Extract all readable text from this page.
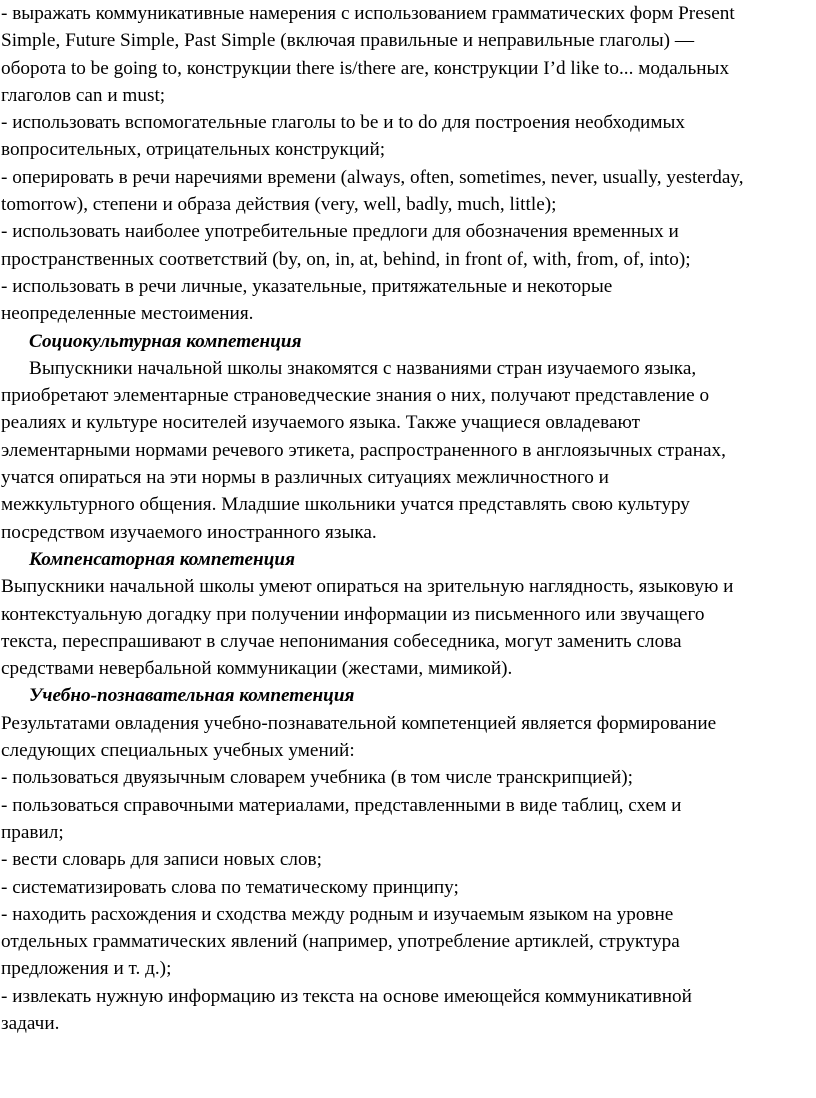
- выражать коммуникативные намерения с использованием грамматических форм Present
Simple, Future Simple, Past Simple (включая правильные и неправильные глаголы) —
оборота to be going to, конструкции there is/there are, конструкции I’d like to... модальных
глаголов can и must;
- использовать вспомогательные глаголы to be и to do для построения необходимых
вопросительных, отрицательных конструкций;
- оперировать в речи наречиями времени (always, often, sometimes, never, usually, yesterday,
tomorrow), степени и образа действия (very, well, badly, much, little);
- использовать наиболее употребительные предлоги для обозначения временных и
пространственных соответствий (by, on, in, at, behind, in front of, with, from, of, into);
- использовать в речи личные, указательные, притяжательные и некоторые
неопределенные местоимения.
Социокультурная компетенция
Выпускники начальной школы знакомятся с названиями стран изучаемого языка,
приобретают элементарные страноведческие знания о них, получают представление о
реалиях и культуре носителей изучаемого языка. Также учащиеся овладевают
элементарными нормами речевого этикета, распространенного в англоязычных странах,
учатся опираться на эти нормы в различных ситуациях межличностного и
межкультурного общения. Младшие школьники учатся представлять свою культуру
посредством изучаемого иностранного языка.
Компенсаторная компетенция
Выпускники начальной школы умеют опираться на зрительную наглядность, языковую и
контекстуальную догадку при получении информации из письменного или звучащего
текста, переспрашивают в случае непонимания собеседника, могут заменить слова
средствами невербальной коммуникации (жестами, мимикой).
Учебно-познавательная компетенция
Результатами овладения учебно-познавательной компетенцией является формирование
следующих специальных учебных умений:
- пользоваться двуязычным словарем учебника (в том числе транскрипцией);
- пользоваться справочными материалами, представленными в виде таблиц, схем и
правил;
- вести словарь для записи новых слов;
- систематизировать слова по тематическому принципу;
- находить расхождения и сходства между родным и изучаемым языком на уровне
отдельных грамматических явлений (например, употребление артиклей, структура
предложения и т. д.);
- извлекать нужную информацию из текста на основе имеющейся коммуникативной
задачи.
